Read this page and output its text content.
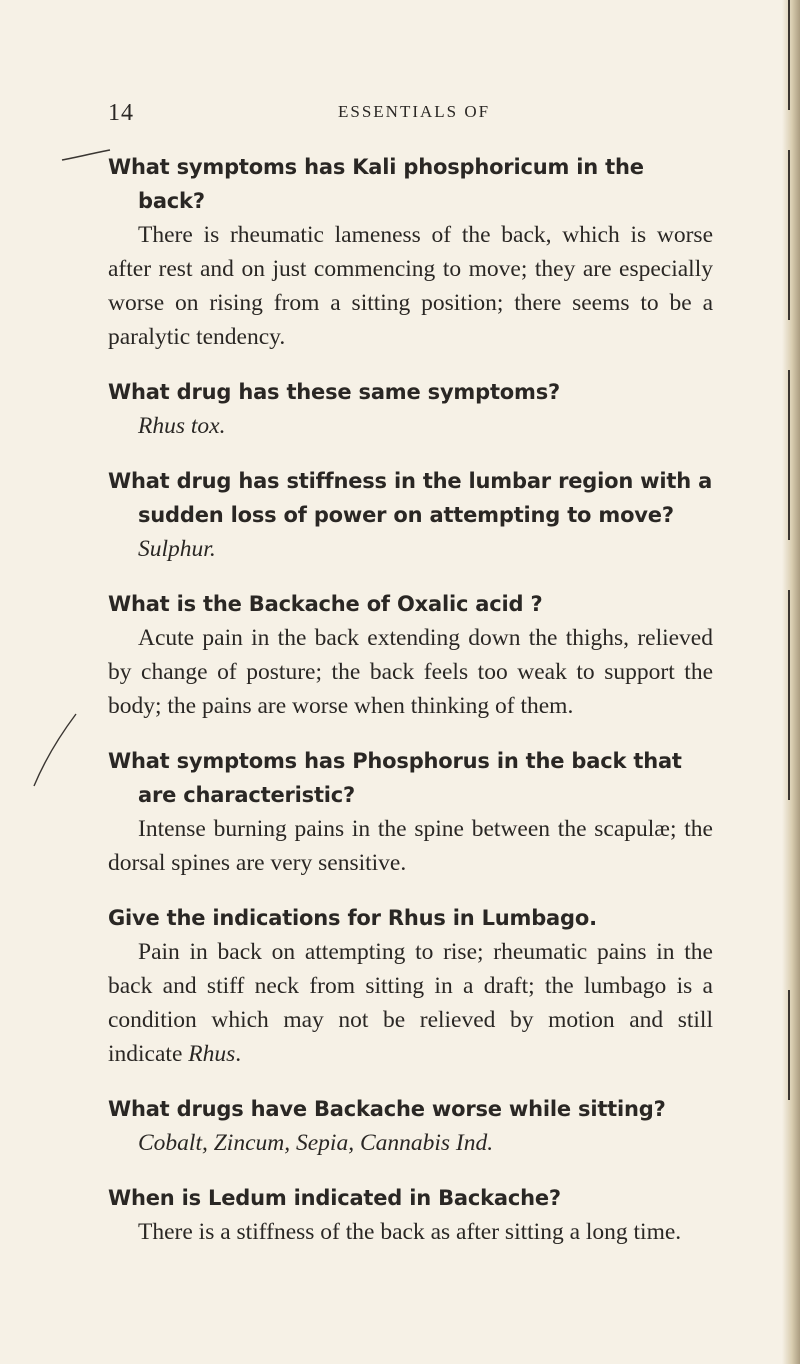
14	ESSENTIALS OF

What symptoms has Kali phosphoricum in the back?

There is rheumatic lameness of the back, which is worse after rest and on just commencing to move; they are especially worse on rising from a sitting position; there seems to be a paralytic tendency.

What drug has these same symptoms?

Rhus tox.

What drug has stiffness in the lumbar region with a sudden loss of power on attempting to move?

Sulphur.

What is the Backache of Oxalic acid ?

Acute pain in the back extending down the thighs, relieved by change of posture; the back feels too weak to support the body; the pains are worse when thinking of them.

What symptoms has Phosphorus in the back that are characteristic?

Intense burning pains in the spine between the scapulæ; the dorsal spines are very sensitive.

Give the indications for Rhus in Lumbago.

Pain in back on attempting to rise; rheumatic pains in the back and stiff neck from sitting in a draft; the lumbago is a condition which may not be relieved by motion and still indicate Rhus.

What drugs have Backache worse while sitting?

Cobalt, Zincum, Sepia, Cannabis Ind.

When is Ledum indicated in Backache?

There is a stiffness of the back as after sitting a long time.
